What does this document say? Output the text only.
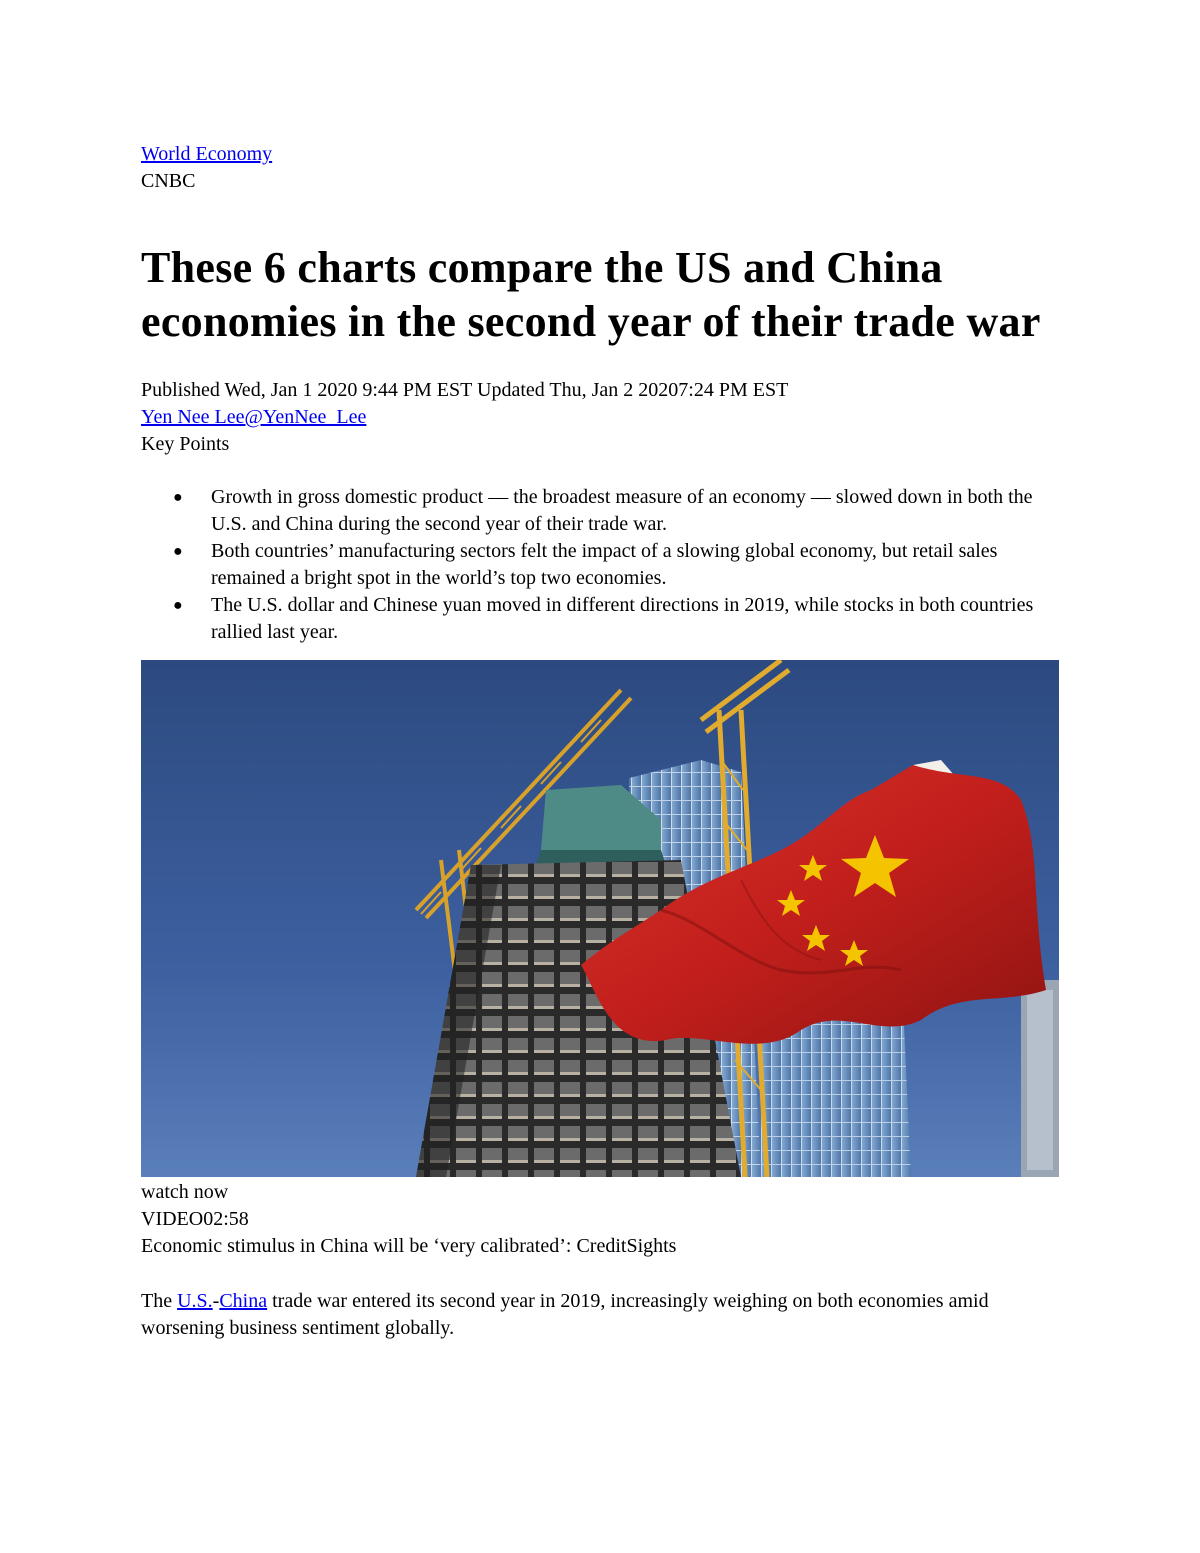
World Economy
CNBC
These 6 charts compare the US and China economies in the second year of their trade war
Published Wed, Jan 1 2020 9:44 PM EST Updated Thu, Jan 2 20207:24 PM EST
Yen Nee Lee@YenNee_Lee
Key Points
● Growth in gross domestic product — the broadest measure of an economy — slowed down in both the U.S. and China during the second year of their trade war.
● Both countries’ manufacturing sectors felt the impact of a slowing global economy, but retail sales remained a bright spot in the world’s top two economies.
● The U.S. dollar and Chinese yuan moved in different directions in 2019, while stocks in both countries rallied last year.
watch now
VIDEO02:58
Economic stimulus in China will be ‘very calibrated’: CreditSights

The U.S.-China trade war entered its second year in 2019, increasingly weighing on both economies amid worsening business sentiment globally.
